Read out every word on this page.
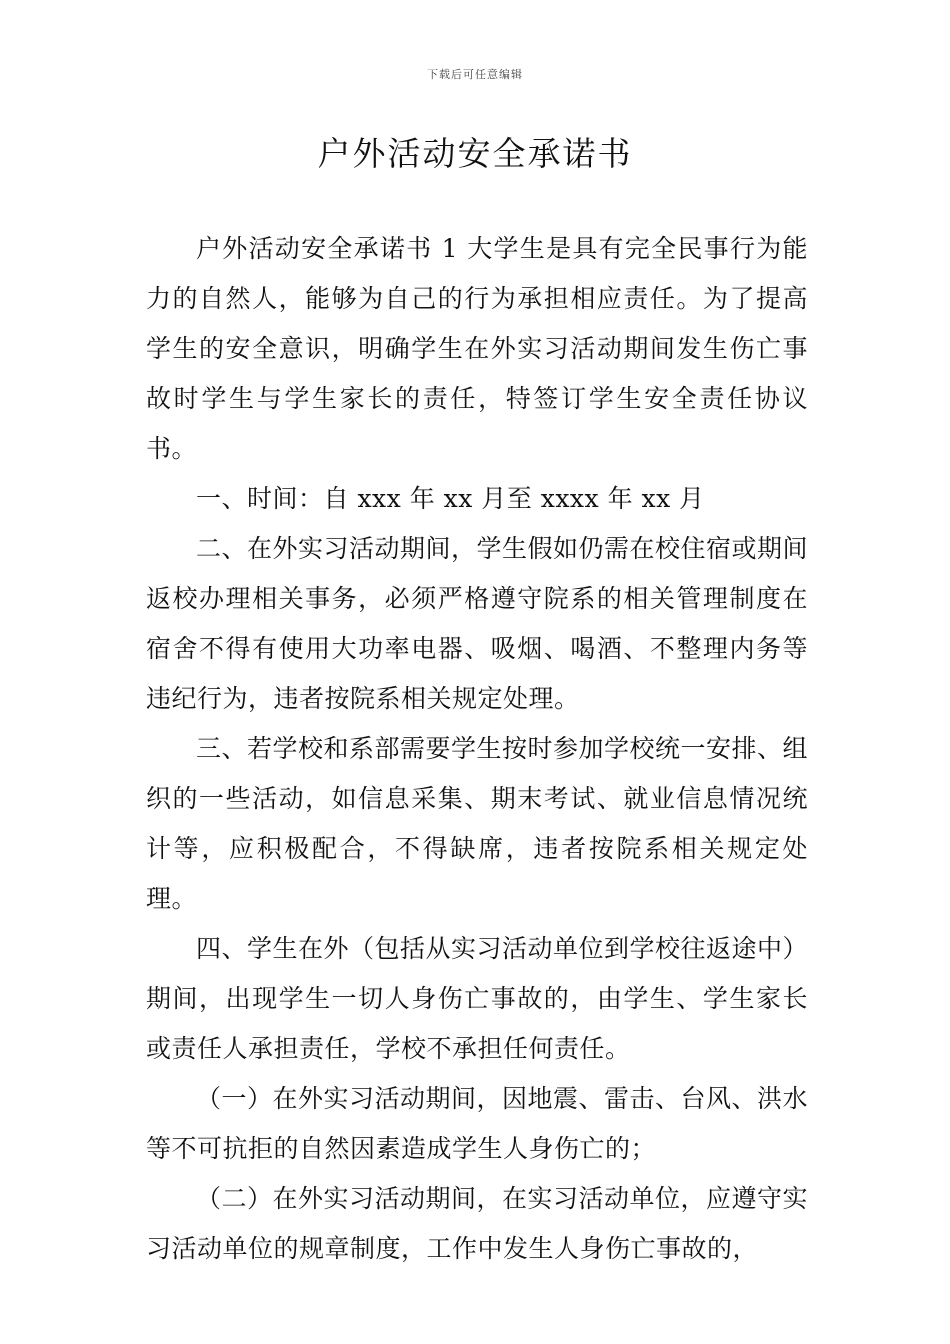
下载后可任意编辑
户外活动安全承诺书

户外活动安全承诺书 1 大学生是具有完全民事行为能力的自然人，能够为自己的行为承担相应责任。为了提高学生的安全意识，明确学生在外实习活动期间发生伤亡事故时学生与学生家长的责任，特签订学生安全责任协议书。

一、时间：自 xxx 年 xx 月至 xxxx 年 xx 月

二、在外实习活动期间，学生假如仍需在校住宿或期间返校办理相关事务，必须严格遵守院系的相关管理制度在宿舍不得有使用大功率电器、吸烟、喝酒、不整理内务等违纪行为，违者按院系相关规定处理。

三、若学校和系部需要学生按时参加学校统一安排、组织的一些活动，如信息采集、期末考试、就业信息情况统计等，应积极配合，不得缺席，违者按院系相关规定处理。

四、学生在外（包括从实习活动单位到学校往返途中）期间，出现学生一切人身伤亡事故的，由学生、学生家长或责任人承担责任，学校不承担任何责任。

（一）在外实习活动期间，因地震、雷击、台风、洪水等不可抗拒的自然因素造成学生人身伤亡的；

（二）在外实习活动期间，在实习活动单位，应遵守实习活动单位的规章制度，工作中发生人身伤亡事故的，
